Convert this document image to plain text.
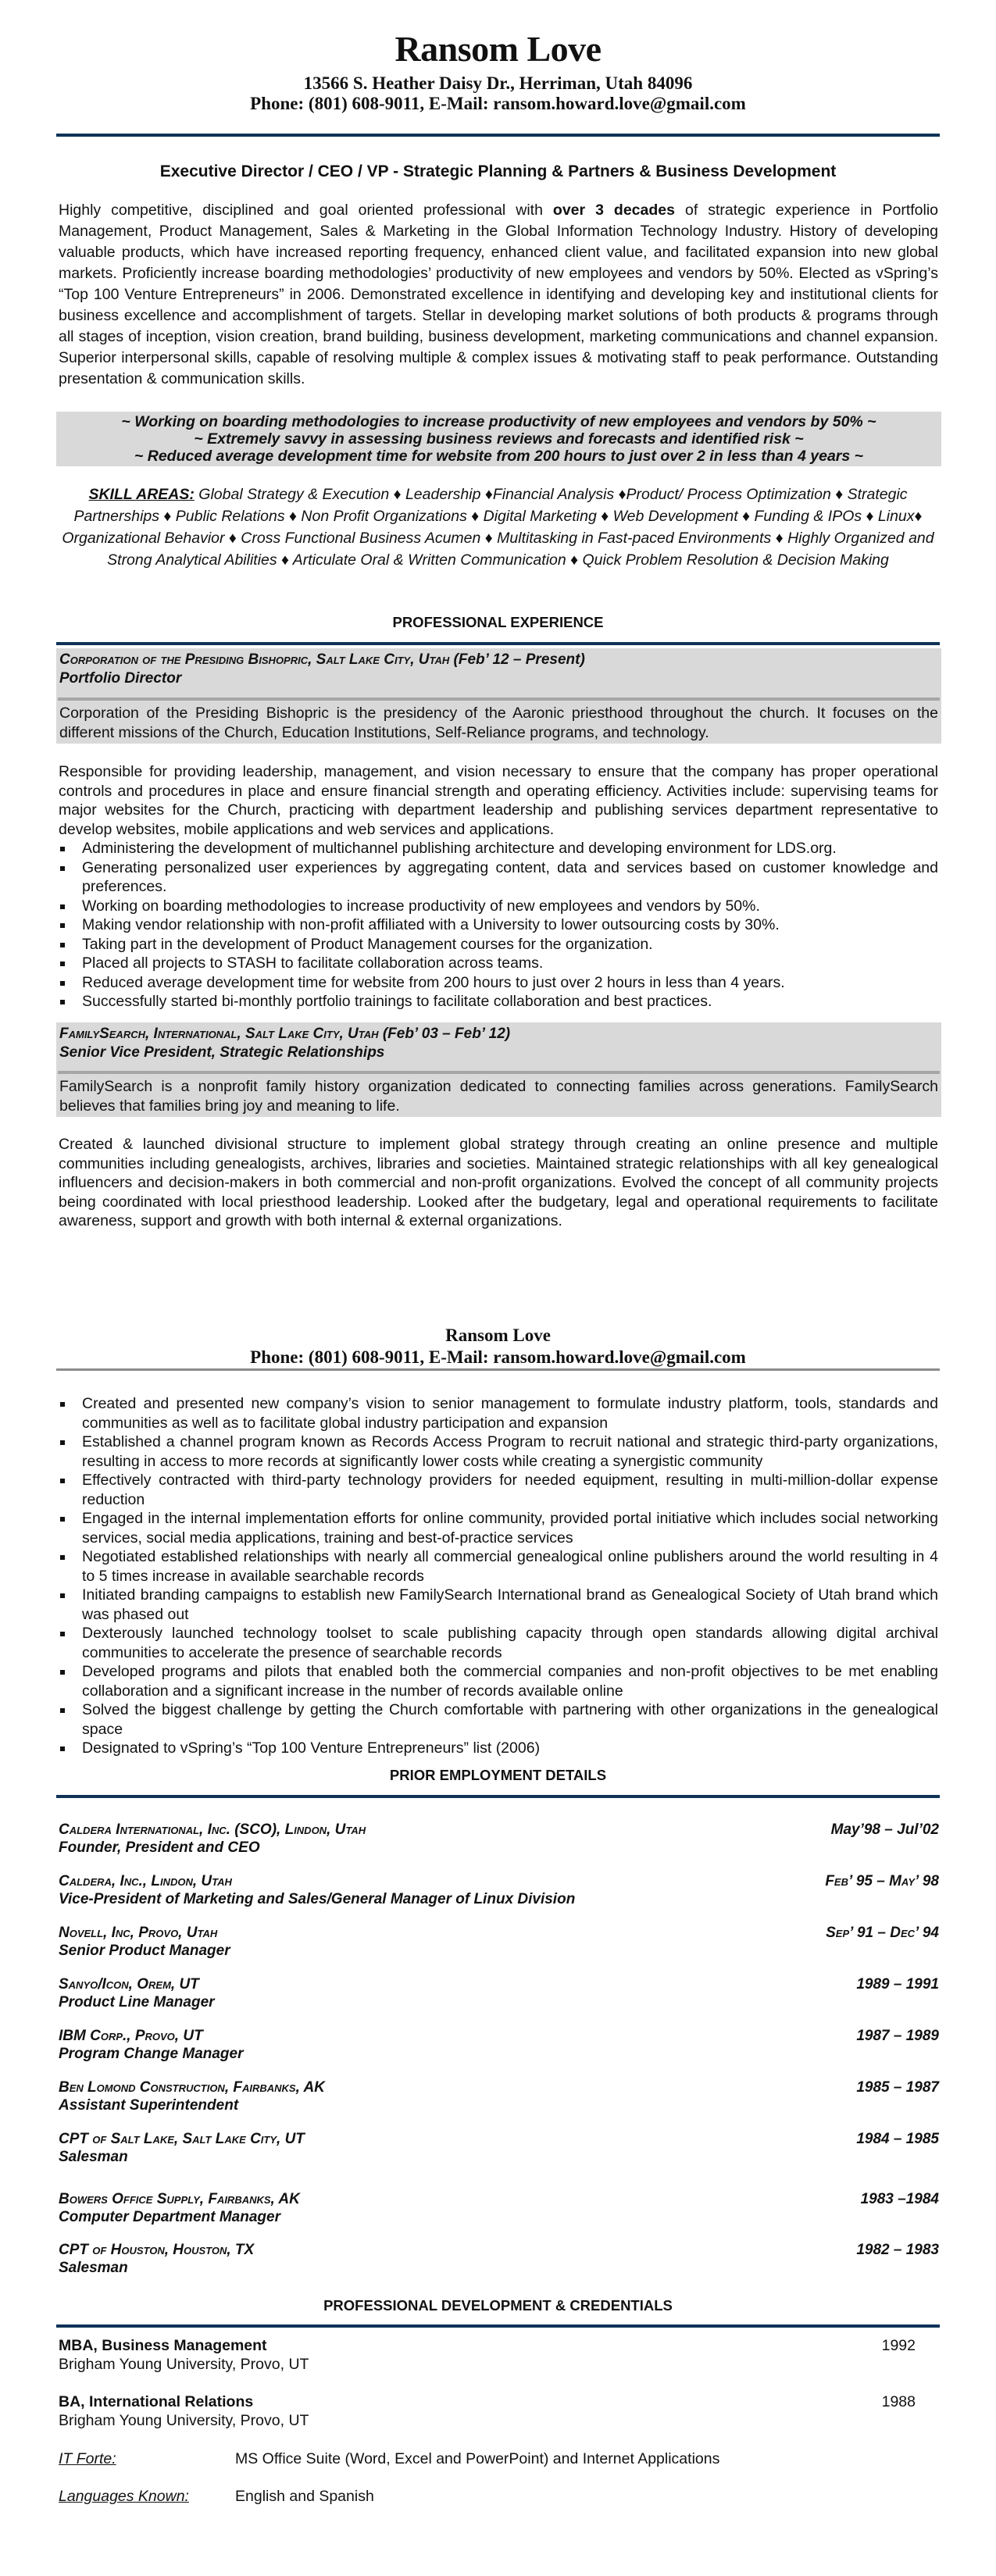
Ransom Love
13566 S. Heather Daisy Dr., Herriman, Utah 84096
Phone: (801) 608-9011, E-Mail: ransom.howard.love@gmail.com
Executive Director / CEO / VP - Strategic Planning & Partners & Business Development
Highly competitive, disciplined and goal oriented professional with over 3 decades of strategic experience in Portfolio Management, Product Management, Sales & Marketing in the Global Information Technology Industry. History of developing valuable products, which have increased reporting frequency, enhanced client value, and facilitated expansion into new global markets. Proficiently increase boarding methodologies’ productivity of new employees and vendors by 50%. Elected as vSpring’s “Top 100 Venture Entrepreneurs” in 2006. Demonstrated excellence in identifying and developing key and institutional clients for business excellence and accomplishment of targets. Stellar in developing market solutions of both products & programs through all stages of inception, vision creation, brand building, business development, marketing communications and channel expansion. Superior interpersonal skills, capable of resolving multiple & complex issues & motivating staff to peak performance. Outstanding presentation & communication skills.
~ Working on boarding methodologies to increase productivity of new employees and vendors by 50% ~
~ Extremely savvy in assessing business reviews and forecasts and identified risk ~
~ Reduced average development time for website from 200 hours to just over 2 in less than 4 years ~
SKILL AREAS: Global Strategy & Execution ♦ Leadership ♦Financial Analysis ♦Product/ Process Optimization ♦ Strategic Partnerships ♦ Public Relations ♦ Non Profit Organizations ♦ Digital Marketing ♦ Web Development ♦ Funding & IPOs ♦ Linux♦ Organizational Behavior ♦ Cross Functional Business Acumen ♦ Multitasking in Fast-paced Environments ♦ Highly Organized and Strong Analytical Abilities ♦ Articulate Oral & Written Communication ♦ Quick Problem Resolution & Decision Making
PROFESSIONAL EXPERIENCE
Corporation of the Presiding Bishopric, Salt Lake City, Utah (Feb’ 12 – Present)
Portfolio Director
Corporation of the Presiding Bishopric is the presidency of the Aaronic priesthood throughout the church. It focuses on the different missions of the Church, Education Institutions, Self-Reliance programs, and technology.
Responsible for providing leadership, management, and vision necessary to ensure that the company has proper operational controls and procedures in place and ensure financial strength and operating efficiency. Activities include: supervising teams for major websites for the Church, practicing with department leadership and publishing services department representative to develop websites, mobile applications and web services and applications.
Administering the development of multichannel publishing architecture and developing environment for LDS.org.
Generating personalized user experiences by aggregating content, data and services based on customer knowledge and preferences.
Working on boarding methodologies to increase productivity of new employees and vendors by 50%.
Making vendor relationship with non-profit affiliated with a University to lower outsourcing costs by 30%.
Taking part in the development of Product Management courses for the organization.
Placed all projects to STASH to facilitate collaboration across teams.
Reduced average development time for website from 200 hours to just over 2 hours in less than 4 years.
Successfully started bi-monthly portfolio trainings to facilitate collaboration and best practices.
FamilySearch, International, Salt Lake City, Utah (Feb’ 03 – Feb’ 12)
Senior Vice President, Strategic Relationships
FamilySearch is a nonprofit family history organization dedicated to connecting families across generations. FamilySearch believes that families bring joy and meaning to life.
Created & launched divisional structure to implement global strategy through creating an online presence and multiple communities including genealogists, archives, libraries and societies. Maintained strategic relationships with all key genealogical influencers and decision-makers in both commercial and non-profit organizations. Evolved the concept of all community projects being coordinated with local priesthood leadership. Looked after the budgetary, legal and operational requirements to facilitate awareness, support and growth with both internal & external organizations.
Ransom Love
Phone: (801) 608-9011, E-Mail: ransom.howard.love@gmail.com
Created and presented new company’s vision to senior management to formulate industry platform, tools, standards and communities as well as to facilitate global industry participation and expansion
Established a channel program known as Records Access Program to recruit national and strategic third-party organizations, resulting in access to more records at significantly lower costs while creating a synergistic community
Effectively contracted with third-party technology providers for needed equipment, resulting in multi-million-dollar expense reduction
Engaged in the internal implementation efforts for online community, provided portal initiative which includes social networking services, social media applications, training and best-of-practice services
Negotiated established relationships with nearly all commercial genealogical online publishers around the world resulting in 4 to 5 times increase in available searchable records
Initiated branding campaigns to establish new FamilySearch International brand as Genealogical Society of Utah brand which was phased out
Dexterously launched technology toolset to scale publishing capacity through open standards allowing digital archival communities to accelerate the presence of searchable records
Developed programs and pilots that enabled both the commercial companies and non-profit objectives to be met enabling collaboration and a significant increase in the number of records available online
Solved the biggest challenge by getting the Church comfortable with partnering with other organizations in the genealogical space
Designated to vSpring’s “Top 100 Venture Entrepreneurs” list (2006)
PRIOR EMPLOYMENT DETAILS
Caldera International, Inc. (SCO), Lindon, Utah
Founder, President and CEO
May’98 – Jul’02
Caldera, Inc., Lindon, Utah
Vice-President of Marketing and Sales/General Manager of Linux Division
Feb’ 95 – May’ 98
Novell, Inc, Provo, Utah
Senior Product Manager
Sep’ 91 – Dec’ 94
Sanyo/Icon, Orem, UT
Product Line Manager
1989 – 1991
IBM Corp., Provo, UT
Program Change Manager
1987 – 1989
Ben Lomond Construction, Fairbanks, AK
Assistant Superintendent
1985 – 1987
CPT of Salt Lake, Salt Lake City, UT
Salesman
1984 – 1985
Bowers Office Supply, Fairbanks, AK
Computer Department Manager
1983 –1984
CPT of Houston, Houston, TX
Salesman
1982 – 1983
PROFESSIONAL DEVELOPMENT & CREDENTIALS
MBA, Business Management
Brigham Young University, Provo, UT
1992
BA, International Relations
Brigham Young University, Provo, UT
1988
IT Forte:	MS Office Suite (Word, Excel and PowerPoint) and Internet Applications
Languages Known:	English and Spanish
